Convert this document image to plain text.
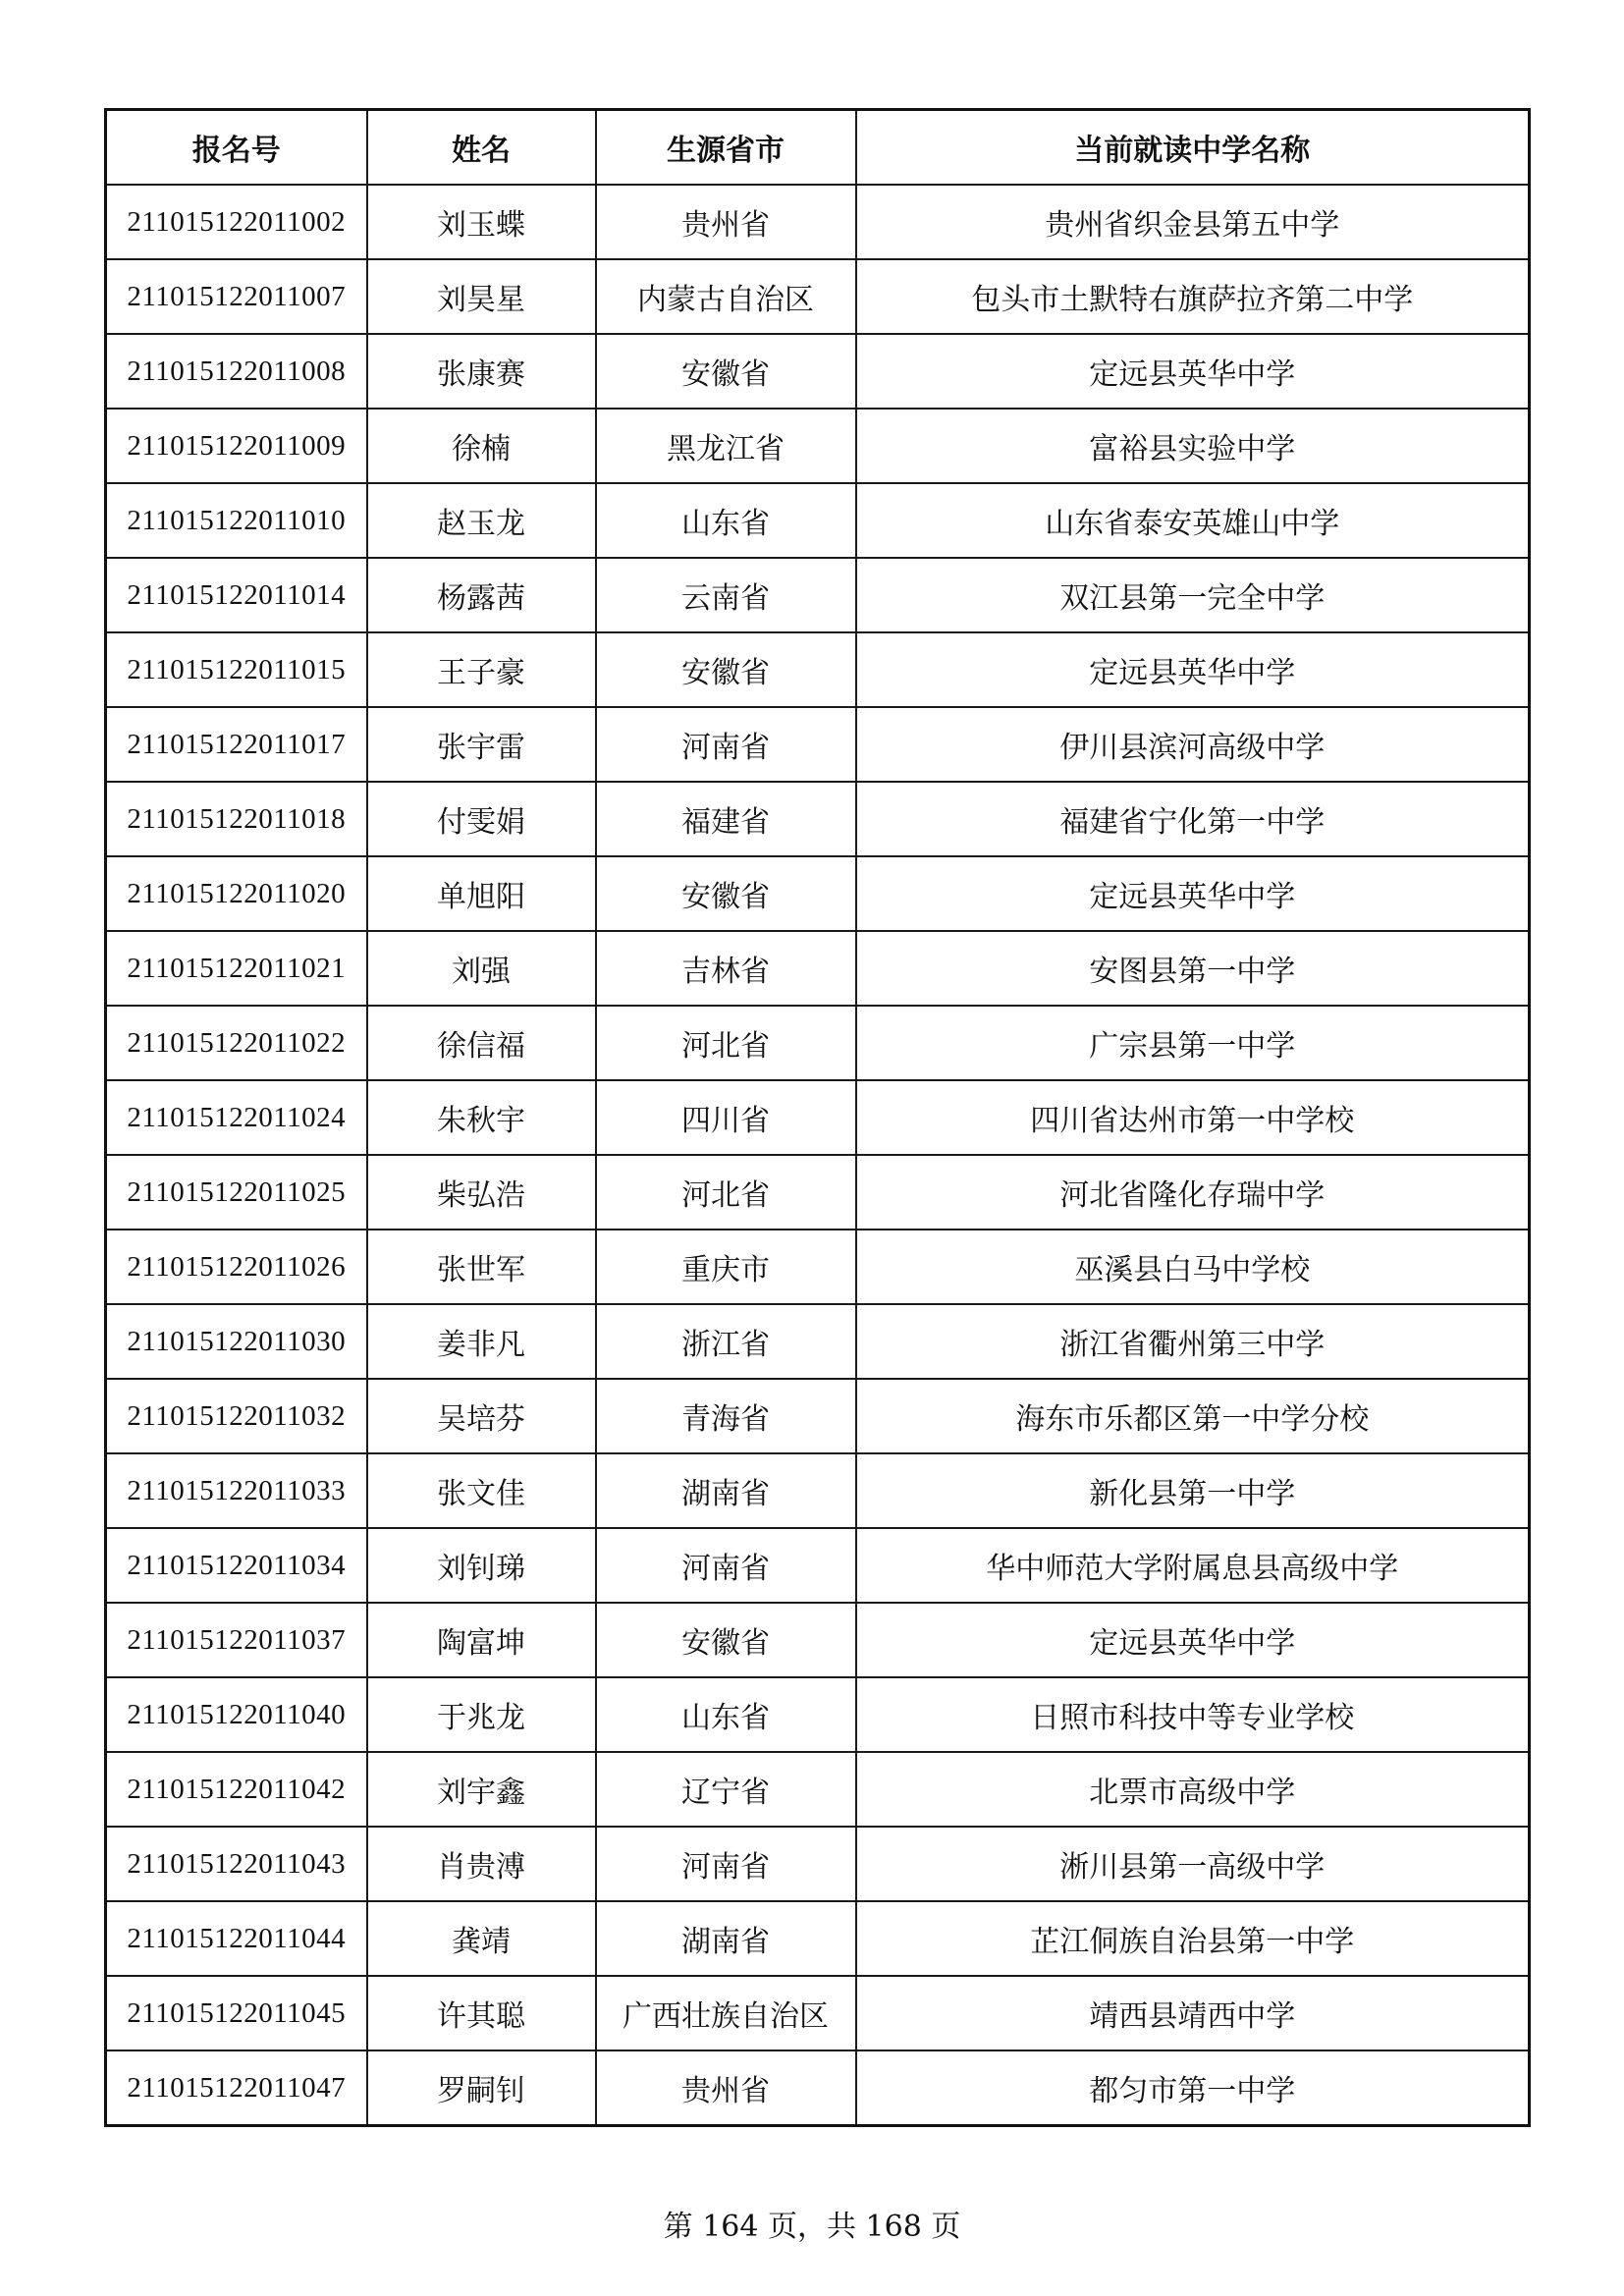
报名号	姓名	生源省市	当前就读中学名称
211015122011002	刘玉蝶	贵州省	贵州省织金县第五中学
211015122011007	刘昊星	内蒙古自治区	包头市土默特右旗萨拉齐第二中学
211015122011008	张康赛	安徽省	定远县英华中学
211015122011009	徐楠	黑龙江省	富裕县实验中学
211015122011010	赵玉龙	山东省	山东省泰安英雄山中学
211015122011014	杨露茜	云南省	双江县第一完全中学
211015122011015	王子豪	安徽省	定远县英华中学
211015122011017	张宇雷	河南省	伊川县滨河高级中学
211015122011018	付雯娟	福建省	福建省宁化第一中学
211015122011020	单旭阳	安徽省	定远县英华中学
211015122011021	刘强	吉林省	安图县第一中学
211015122011022	徐信福	河北省	广宗县第一中学
211015122011024	朱秋宇	四川省	四川省达州市第一中学校
211015122011025	柴弘浩	河北省	河北省隆化存瑞中学
211015122011026	张世军	重庆市	巫溪县白马中学校
211015122011030	姜非凡	浙江省	浙江省衢州第三中学
211015122011032	吴培芬	青海省	海东市乐都区第一中学分校
211015122011033	张文佳	湖南省	新化县第一中学
211015122011034	刘钊珶	河南省	华中师范大学附属息县高级中学
211015122011037	陶富坤	安徽省	定远县英华中学
211015122011040	于兆龙	山东省	日照市科技中等专业学校
211015122011042	刘宇鑫	辽宁省	北票市高级中学
211015122011043	肖贵溥	河南省	淅川县第一高级中学
211015122011044	龚靖	湖南省	芷江侗族自治县第一中学
211015122011045	许其聪	广西壮族自治区	靖西县靖西中学
211015122011047	罗嗣钊	贵州省	都匀市第一中学
第 164 页，共 168 页
